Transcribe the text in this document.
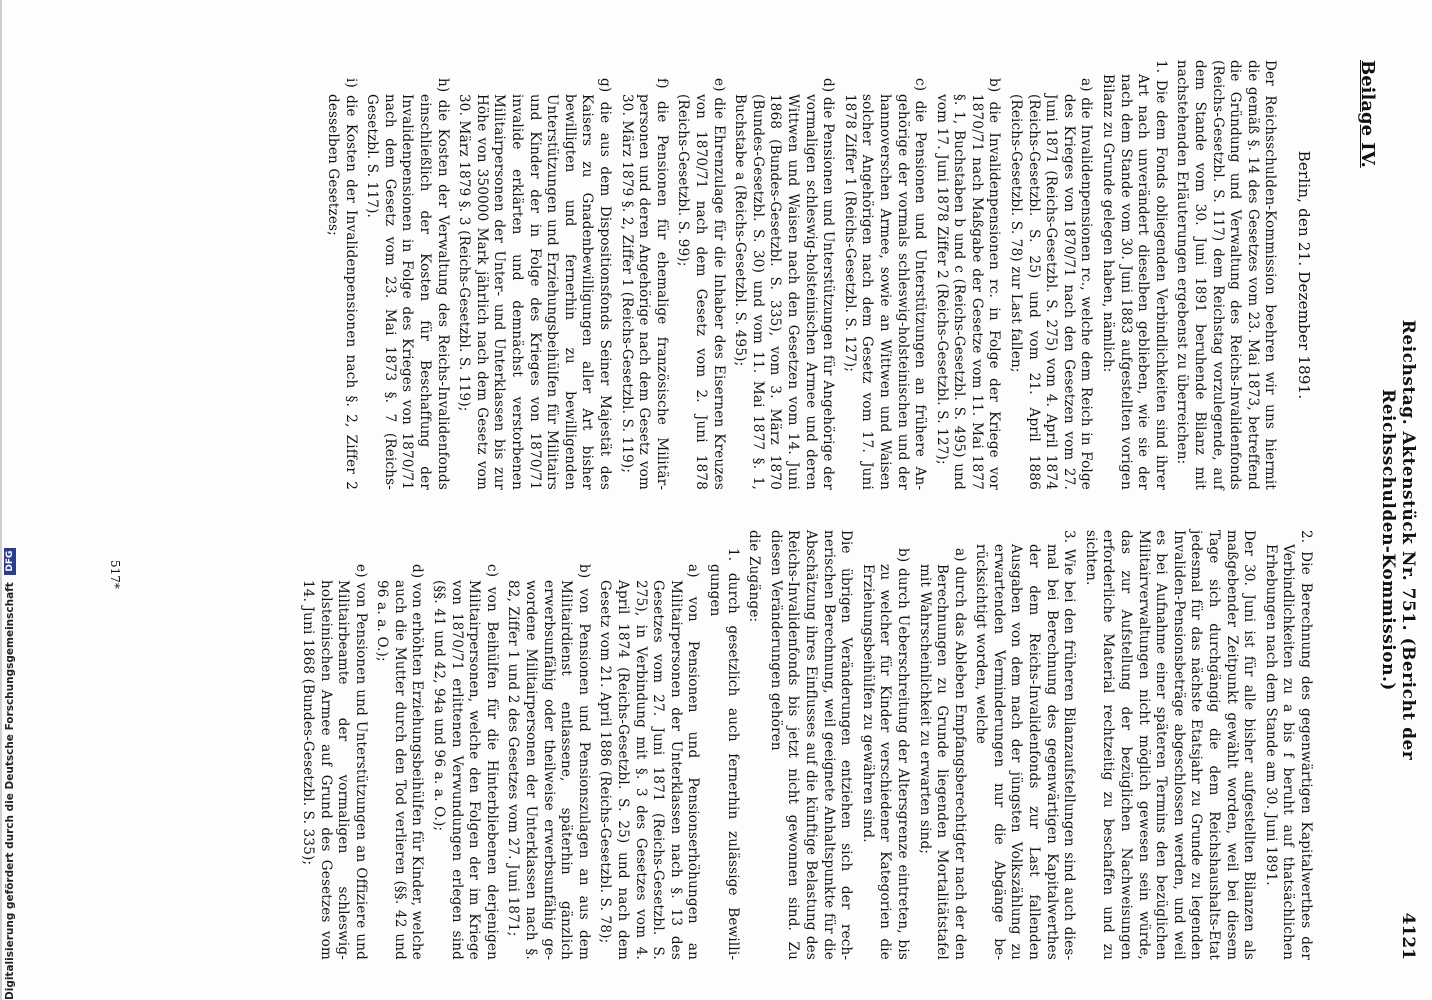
Reichstag. Aktenstück Nr. 751. (Bericht der Reichsschulden-Kommission.)
4121
Beilage IV.

Berlin, den 21. Dezember 1891.

Der Reichsschulden-Kommission beehren wir uns hiermit die gemäß §. 14 des Gesetzes vom 23. Mai 1873, betreffend die Gründung und Verwaltung des Reichs-Invalidenfonds (Reichs-Gesetzbl. S. 117) dem Reichstag vorzulegende, auf dem Stande vom 30. Juni 1891 beruhende Bilanz mit nachstehenden Erläuterungen ergebenst zu überreichen:

1. Die dem Fonds obliegenden Verbindlichkeiten sind ihrer Art nach unverändert dieselben geblieben, wie sie der nach dem Stande vom 30. Juni 1883 aufgestellten vorigen Bilanz zu Grunde gelegen haben, nämlich:

a) die Invalidenpensionen rc., welche dem Reich in Folge des Krieges von 1870/71 nach den Gesetzen vom 27. Juni 1871 (Reichs-Gesetzbl. S. 275) vom 4. April 1874 (Reichs-Gesetzbl. S. 25) und vom 21. April 1886 (Reichs-Gesetzbl. S. 78) zur Last fallen;

b) die Invalidenpensionen rc. in Folge der Kriege vor 1870/71 nach Maßgabe der Gesetze vom 11. Mai 1877 §. 1, Buchstaben b und c (Reichs-Gesetzbl. S. 495) und vom 17. Juni 1878 Ziffer 2 (Reichs-Gesetzbl. S. 127);

c) die Pensionen und Unterstützungen an frühere Angehörige der vormals schleswig-holsteinischen und der hannoverschen Armee, sowie an Wittwen und Waisen solcher Angehörigen nach dem Gesetz vom 17. Juni 1878 Ziffer 1 (Reichs-Gesetzbl. S. 127);

d) die Pensionen und Unterstützungen für Angehörige der vormaligen schleswig-holsteinischen Armee und deren Wittwen und Waisen nach den Gesetzen vom 14. Juni 1868 (Bundes-Gesetzbl. S. 335), vom 3. März 1870 (Bundes-Gesetzbl. S. 30) und vom 11. Mai 1877 §. 1, Buchstabe a (Reichs-Gesetzbl. S. 495);

e) die Ehrenzulage für die Inhaber des Eisernen Kreuzes von 1870/71 nach dem Gesetz vom 2. Juni 1878 (Reichs-Gesetzbl. S. 99);

f) die Pensionen für ehemalige französische Militärpersonen und deren Angehörige nach dem Gesetz vom 30. März 1879 §. 2, Ziffer 1 (Reichs-Gesetzbl. S. 119);

g) die aus dem Dispositionsfonds Seiner Majestät des Kaisers zu Gnadenbewilligungen aller Art bisher bewilligten und fernerhin zu bewilligenden Unterstützungen und Erziehungsbeihülfen für Militairs und Kinder der in Folge des Krieges von 1870/71 invalide erklärten und demnächst verstorbenen Militairpersonen der Unter- und Unterklassen bis zur Höhe von 350000 Mark jährlich nach dem Gesetz vom 30. März 1879 §. 3 (Reichs-Gesetzbl. S. 119);

h) die Kosten der Verwaltung des Reichs-Invalidenfonds einschließlich der Kosten für Beschaffung der Invalidenpensionen in Folge des Krieges von 1870/71 nach dem Gesetz vom 23. Mai 1873 §. 7 (Reichs-Gesetzbl. S. 117).

i) die Kosten der Invalidenpensionen nach §. 2, Ziffer 2 desselben Gesetzes;

2. Die Berechnung des gegenwärtigen Kapitalwerthes der Verbindlichkeiten zu a bis f beruht auf thatsächlichen Erhebungen nach dem Stande am 30. Juni 1891.

Der 30. Juni ist für alle bisher aufgestellten Bilanzen als maßgebender Zeitpunkt gewählt worden, weil bei diesem Tage sich durchgängig die dem Reichshaushalts-Etat jedesmal für das nächste Etatsjahr zu Grunde zu legenden Invaliden-Pensionsbeträge abgeschlossen werden, und weil es bei Aufnahme einer späteren Termins den bezüglichen Militairverwaltungen nicht möglich gewesen sein würde, das zur Aufstellung der bezüglichen Nachweisungen erforderliche Material rechtzeitig zu beschaffen und zu sichten.

3. Wie bei den früheren Bilanzaufstellungen sind auch diesmal bei Berechnung des gegenwärtigen Kapitalwerthes der dem Reichs-Invalidenfonds zur Last fallenden Ausgaben von dem nach der jüngsten Volkszählung zu erwartenden Verminderungen nur die Abgänge berücksichtigt worden, welche

a) durch das Ableben Empfangsberechtigter nach der den Berechnungen zu Grunde liegenden Mortalitätstafel mit Wahrscheinlichkeit zu erwarten sind;

b) durch Ueberschreitung der Altersgrenze eintreten, bis zu welcher für Kinder verschiedener Kategorien die Erziehungsbeihülfen zu gewähren sind.

Die übrigen Veränderungen entziehen sich der rechnerischen Berechnung, weil geeignete Anhaltspunkte für die Abschätzung ihres Einflusses auf die künftige Belastung des Reichs-Invalidenfonds bis jetzt nicht gewonnen sind. Zu diesen Veränderungen gehören

die Zugänge:

1. durch gesetzlich auch fernerhin zulässige Bewilligungen

a) von Pensionen und Pensionserhöhungen an Militairpersonen der Unterklassen nach §. 13 des Gesetzes vom 27. Juni 1871 (Reichs-Gesetzbl. S. 275), in Verbindung mit §. 3 des Gesetzes vom 4. April 1874 (Reichs-Gesetzbl. S. 25) und nach dem Gesetz vom 21. April 1886 (Reichs-Gesetzbl. S. 78);

b) von Pensionen und Pensionszulagen an aus dem Militairdienst entlassene, späterhin gänzlich erwerbsunfähig oder theilweise erwerbsunfähig gewordene Militairpersonen der Unterklassen nach §. 82, Ziffer 1 und 2 des Gesetzes vom 27. Juni 1871;

c) von Beihülfen für die Hinterbliebenen derjenigen Militairpersonen, welche den Folgen der im Kriege von 1870/71 erlittenen Verwundungen erlegen sind (§§. 41 und 42, 94a und 96 a. a. O.);

d) von erhöhten Erziehungsbeihülfen für Kinder, welche auch die Mutter durch den Tod verlieren (§§. 42 und 96 a. a. O.);

e) von Pensionen und Unterstützungen an Offiziere und Militairbeamte der vormaligen schleswig-holsteinischen Armee auf Grund des Gesetzes vom 14. Juni 1868 (Bundes-Gesetzbl. S. 335);

517*
Digitalisierung gefördert durch die Deutsche Forschungsgemeinschaft DFG
